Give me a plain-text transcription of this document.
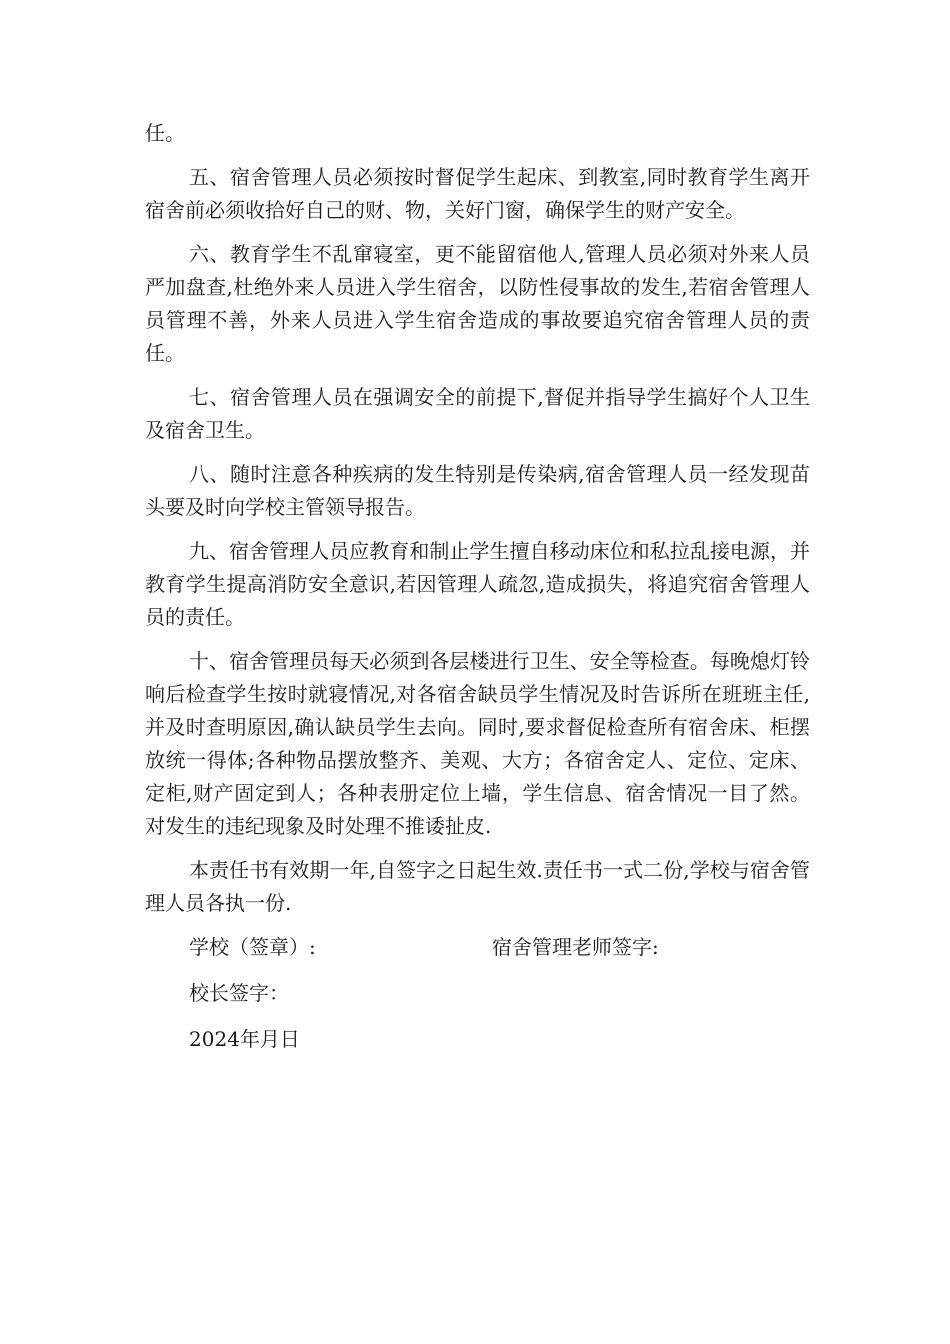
任。

五、宿舍管理人员必须按时督促学生起床、到教室,同时教育学生离开宿舍前必须收拾好自己的财、物，关好门窗，确保学生的财产安全。

六、教育学生不乱窜寝室，更不能留宿他人,管理人员必须对外来人员严加盘查,杜绝外来人员进入学生宿舍，以防性侵事故的发生,若宿舍管理人员管理不善，外来人员进入学生宿舍造成的事故要追究宿舍管理人员的责任。

七、宿舍管理人员在强调安全的前提下,督促并指导学生搞好个人卫生及宿舍卫生。

八、随时注意各种疾病的发生特别是传染病,宿舍管理人员一经发现苗头要及时向学校主管领导报告。

九、宿舍管理人员应教育和制止学生擅自移动床位和私拉乱接电源，并教育学生提高消防安全意识,若因管理人疏忽,造成损失，将追究宿舍管理人员的责任。

十、宿舍管理员每天必须到各层楼进行卫生、安全等检查。每晚熄灯铃响后检查学生按时就寝情况,对各宿舍缺员学生情况及时告诉所在班班主任,并及时查明原因,确认缺员学生去向。同时,要求督促检查所有宿舍床、柜摆放统一得体;各种物品摆放整齐、美观、大方；各宿舍定人、定位、定床、定柜,财产固定到人；各种表册定位上墙，学生信息、宿舍情况一目了然。对发生的违纪现象及时处理不推诿扯皮.

本责任书有效期一年,自签字之日起生效.责任书一式二份,学校与宿舍管理人员各执一份.

学校（签章）:	宿舍管理老师签字:
校长签字：
2024年月日
